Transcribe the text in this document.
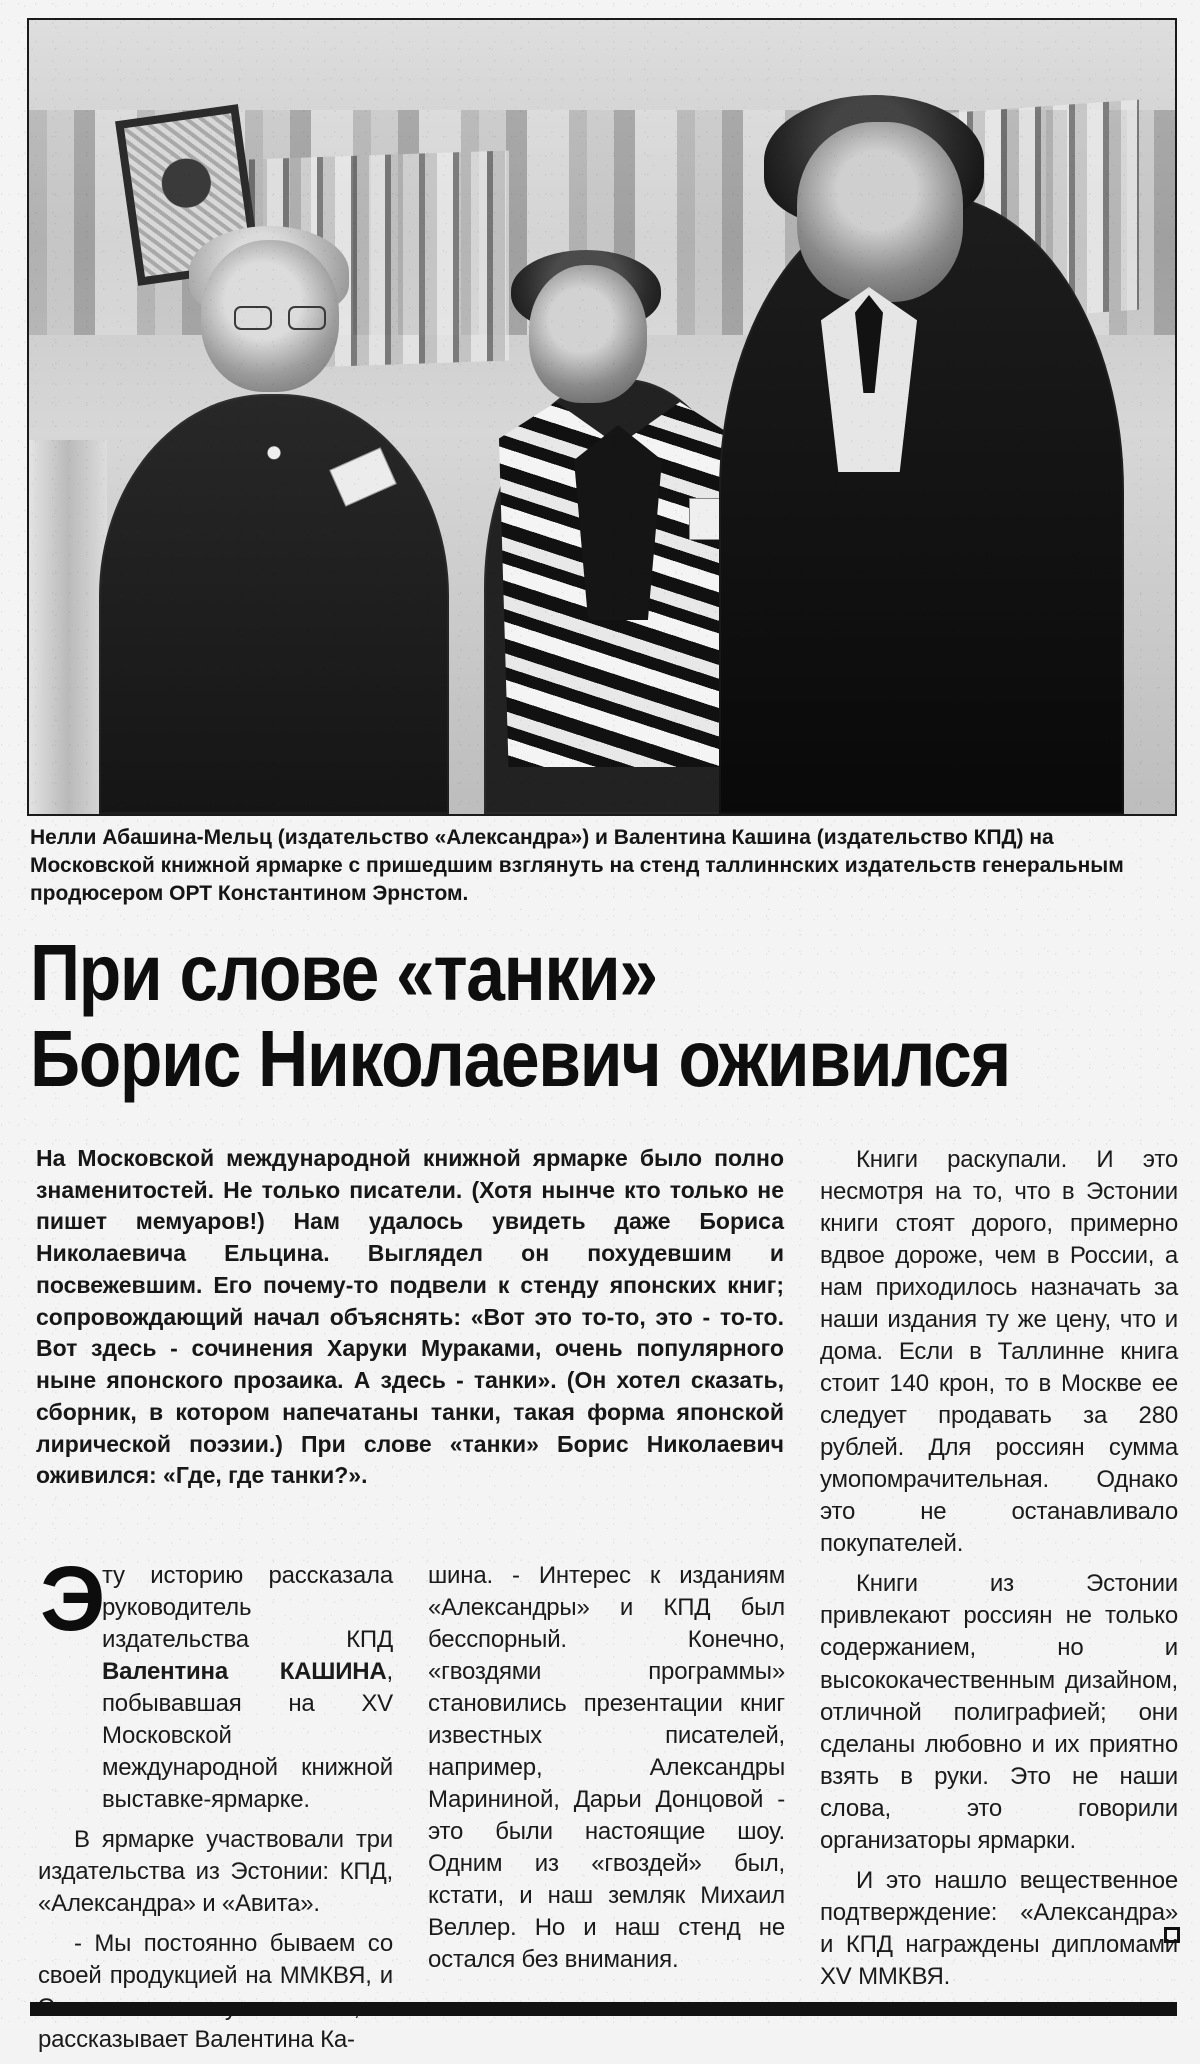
Нелли Абашина-Мельц (издательство «Александра») и Валентина Кашина (издательство КПД) на Московской книжной ярмарке с пришедшим взглянуть на стенд таллиннских издательств генеральным продюсером ОРТ Константином Эрнстом.
При слове «танки»
Борис Николаевич оживился
На Московской международной книжной ярмарке было полно знаменитостей. Не только писатели. (Хотя нынче кто только не пишет мемуаров!) Нам удалось увидеть даже Бориса Николаевича Ельцина. Выглядел он похудевшим и посвежевшим. Его почему-то подвели к стенду японских книг; сопровождающий начал объяснять: «Вот это то-то, это - то-то. Вот здесь - сочинения Харуки Мураками, очень популярного ныне японского прозаика. А здесь - танки». (Он хотел сказать, сборник, в котором напечатаны танки, такая форма японской лирической поэзии.) При слове «танки» Борис Николаевич оживился: «Где, где танки?».
Э

ту историю рассказала руководитель издательства КПД Валентина КАШИНА, побывавшая на XV Московской международной книжной выставке-ярмарке.

В ярмарке участвовали три издательства из Эстонии: КПД, «Александра» и «Авита».

- Мы постоянно бываем со своей продукцией на ММКВЯ, и рассказывает Валентина Ка-

шина. - Интерес к изданиям «Александры» и КПД был бесспорный. Конечно, «гвоздями программы» становились презентации книг известных писателей, например, Александры Марининой, Дарьи Донцовой - это были настоящие шоу. Одним из «гвоздей» был, кстати, и наш земляк Михаил Веллер. Но и наш стенд не остался без внимания.

Книги раскупали. И это несмотря на то, что в Эстонии книги стоят дорого, примерно вдвое дороже, чем в России, а нам приходилось назначать за наши издания ту же цену, что и дома. Если в Таллинне книга стоит 140 крон, то в Москве ее следует продавать за 280 рублей. Для россиян сумма умопомрачительная. Однако это не останавливало покупателей.

Книги из Эстонии привлекают россиян не только содержанием, но и высококачественным дизайном, отличной полиграфией; они сделаны любовно и их приятно взять в руки. Это не наши слова, это говорили организаторы ярмарки.

И это нашло вещественное подтверждение: «Александра» и КПД награждены дипломами XV ММКВЯ.
